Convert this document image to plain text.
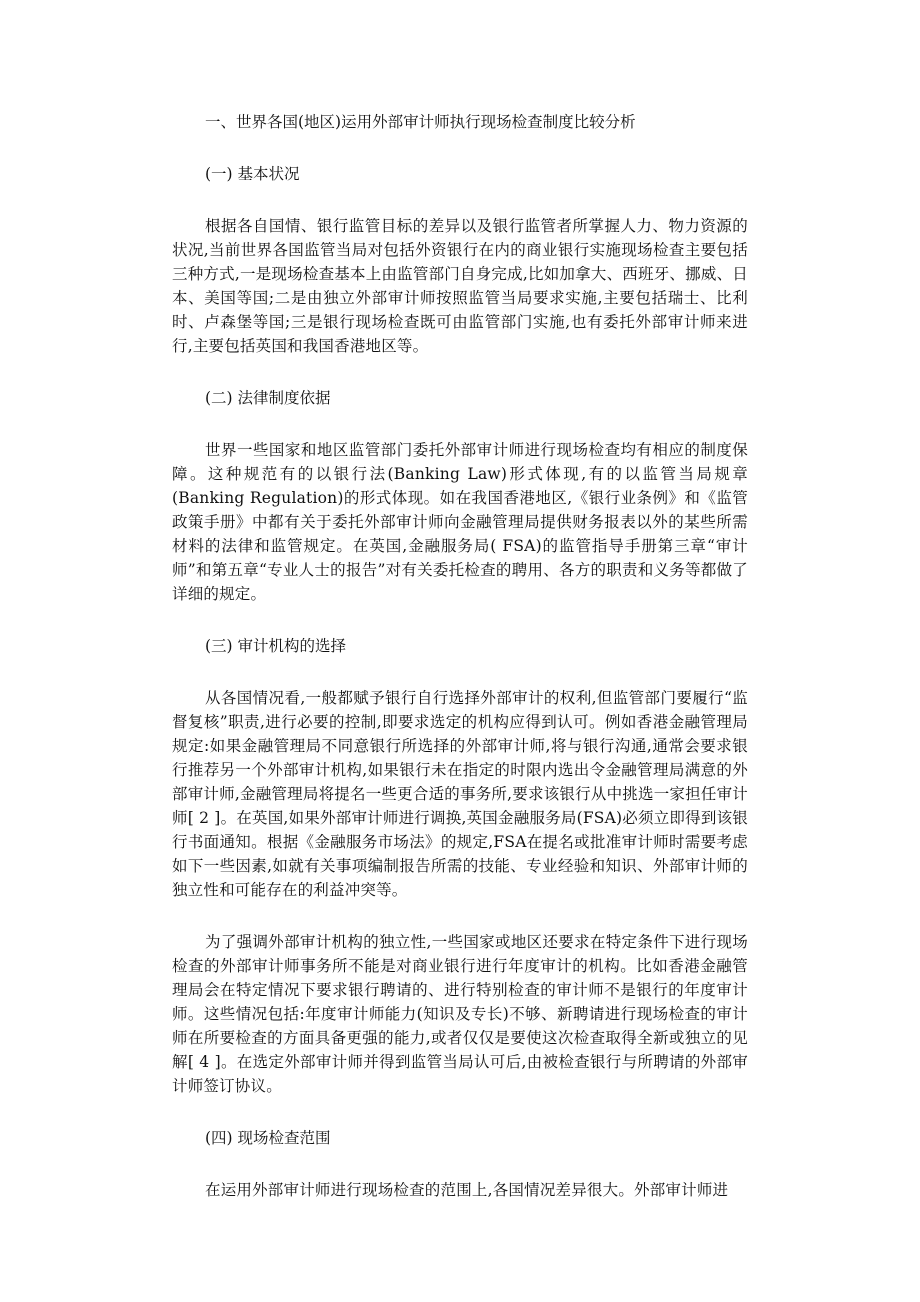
一、世界各国(地区)运用外部审计师执行现场检查制度比较分析
(一) 基本状况

根据各自国情、银行监管目标的差异以及银行监管者所掌握人力、物力资源的状况,当前世界各国监管当局对包括外资银行在内的商业银行实施现场检查主要包括三种方式,一是现场检查基本上由监管部门自身完成,比如加拿大、西班牙、挪威、日本、美国等国;二是由独立外部审计师按照监管当局要求实施,主要包括瑞士、比利时、卢森堡等国;三是银行现场检查既可由监管部门实施,也有委托外部审计师来进行,主要包括英国和我国香港地区等。

(二) 法律制度依据

世界一些国家和地区监管部门委托外部审计师进行现场检查均有相应的制度保障。这种规范有的以银行法(Banking Law)形式体现,有的以监管当局规章(Banking Regulation)的形式体现。如在我国香港地区,《银行业条例》和《监管政策手册》中都有关于委托外部审计师向金融管理局提供财务报表以外的某些所需材料的法律和监管规定。在英国,金融服务局( FSA)的监管指导手册第三章“审计师”和第五章“专业人士的报告”对有关委托检查的聘用、各方的职责和义务等都做了详细的规定。

(三) 审计机构的选择

从各国情况看,一般都赋予银行自行选择外部审计的权利,但监管部门要履行“监督复核”职责,进行必要的控制,即要求选定的机构应得到认可。例如香港金融管理局规定:如果金融管理局不同意银行所选择的外部审计师,将与银行沟通,通常会要求银行推荐另一个外部审计机构,如果银行未在指定的时限内选出令金融管理局满意的外部审计师,金融管理局将提名一些更合适的事务所,要求该银行从中挑选一家担任审计师[ 2 ]。在英国,如果外部审计师进行调换,英国金融服务局(FSA)必须立即得到该银行书面通知。根据《金融服务市场法》的规定,FSA在提名或批准审计师时需要考虑如下一些因素,如就有关事项编制报告所需的技能、专业经验和知识、外部审计师的独立性和可能存在的利益冲突等。

为了强调外部审计机构的独立性,一些国家或地区还要求在特定条件下进行现场检查的外部审计师事务所不能是对商业银行进行年度审计的机构。比如香港金融管理局会在特定情况下要求银行聘请的、进行特别检查的审计师不是银行的年度审计师。这些情况包括:年度审计师能力(知识及专长)不够、新聘请进行现场检查的审计师在所要检查的方面具备更强的能力,或者仅仅是要使这次检查取得全新或独立的见解[ 4 ]。在选定外部审计师并得到监管当局认可后,由被检查银行与所聘请的外部审计师签订协议。

(四) 现场检查范围

在运用外部审计师进行现场检查的范围上,各国情况差异很大。外部审计师进
